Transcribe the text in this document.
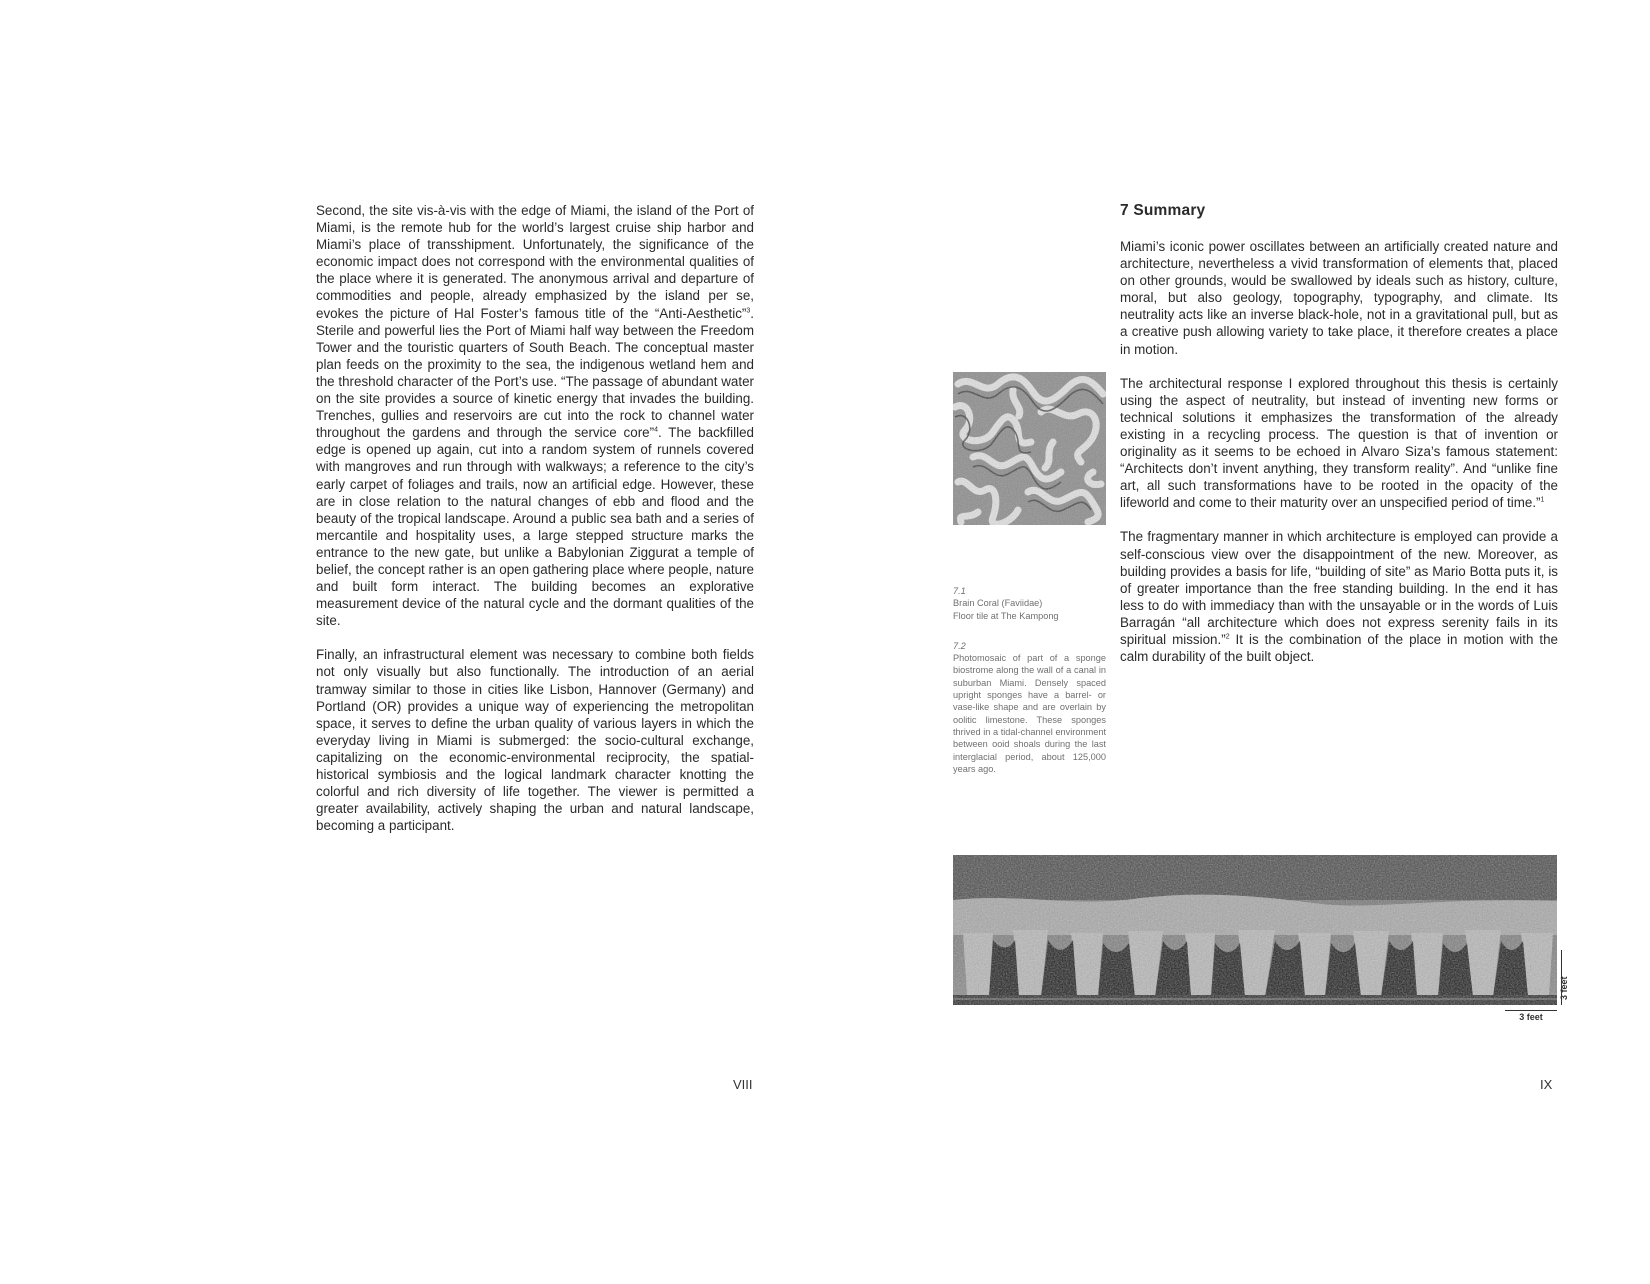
Second, the site vis-à-vis with the edge of Miami, the island of the Port of Miami, is the remote hub for the world’s largest cruise ship harbor and Miami’s place of transshipment. Unfortunately, the significance of the economic impact does not correspond with the environmental qualities of the place where it is generated. The anonymous arrival and departure of commodities and people, already emphasized by the island per se, evokes the picture of Hal Foster’s famous title of the “Anti-Aesthetic”$^3$. Sterile and powerful lies the Port of Miami half way between the Freedom Tower and the touristic quarters of South Beach. The conceptual master plan feeds on the proximity to the sea, the indigenous wetland hem and the threshold character of the Port’s use. “The passage of abundant water on the site provides a source of kinetic energy that invades the building. Trenches, gullies and reservoirs are cut into the rock to channel water throughout the gardens and through the service core”$^4$. The backfilled edge is opened up again, cut into a random system of runnels covered with mangroves and run through with walkways; a reference to the city’s early carpet of foliages and trails, now an artificial edge. However, these are in close relation to the natural changes of ebb and flood and the beauty of the tropical landscape. Around a public sea bath and a series of mercantile and hospitality uses, a large stepped structure marks the entrance to the new gate, but unlike a Babylonian Ziggurat a temple of belief, the concept rather is an open gathering place where people, nature and built form interact. The building becomes an explorative measurement device of the natural cycle and the dormant qualities of the site.

Finally, an infrastructural element was necessary to combine both fields not only visually but also functionally. The introduction of an aerial tramway similar to those in cities like Lisbon, Hannover (Germany) and Portland (OR) provides a unique way of experiencing the metropolitan space, it serves to define the urban quality of various layers in which the everyday living in Miami is submerged: the socio-cultural exchange, capitalizing on the economic-environmental reciprocity, the spatial-historical symbiosis and the logical landmark character knotting the colorful and rich diversity of life together. The viewer is permitted a greater availability, actively shaping the urban and natural landscape, becoming a participant.

VIII

7.1

Brain Coral (Faviidae)

Floor tile at The Kampong

7.2

Photomosaic of part of a sponge biostrome along the wall of a canal in suburban Miami. Densely spaced upright sponges have a barrel- or vase-like shape and are overlain by oolitic limestone. These sponges thrived in a tidal-channel environment between ooid shoals during the last interglacial period, about 125,000 years ago.

7 Summary

Miami’s iconic power oscillates between an artificially created nature and architecture, nevertheless a vivid transformation of elements that, placed on other grounds, would be swallowed by ideals such as history, culture, moral, but also geology, topography, typography, and climate. Its neutrality acts like an inverse black-hole, not in a gravitational pull, but as a creative push allowing variety to take place, it therefore creates a place in motion.

The architectural response I explored throughout this thesis is certainly using the aspect of neutrality, but instead of inventing new forms or technical solutions it emphasizes the transformation of the already existing in a recycling process. The question is that of invention or originality as it seems to be echoed in Alvaro Siza’s famous statement: “Architects don’t invent anything, they transform reality”. And “unlike fine art, all such transformations have to be rooted in the opacity of the lifeworld and come to their maturity over an unspecified period of time.”$^1$

The fragmentary manner in which architecture is employed can provide a self-conscious view over the disappointment of the new. Moreover, as building provides a basis for life, “building of site” as Mario Botta puts it, is of greater importance than the free standing building. In the end it has less to do with immediacy than with the unsayable or in the words of Luis Barragán “all architecture which does not express serenity fails in its spiritual mission.”$^2$ It is the combination of the place in motion with the calm durability of the built object.

3 feet
3 feet
IX
